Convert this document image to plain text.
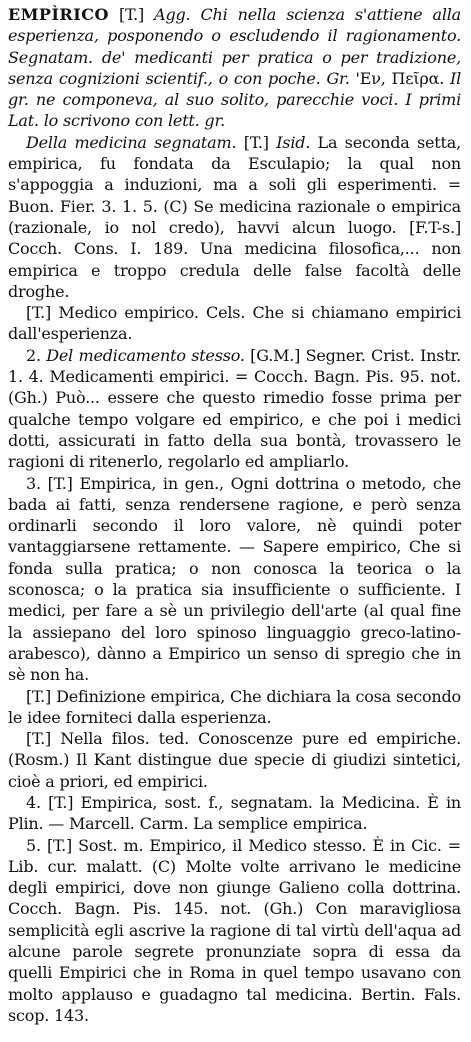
EMPÌRICO [T.] Agg. Chi nella scienza s'attiene alla esperienza, posponendo o escludendo il ragionamento. Segnatam. de' medicanti per pratica o per tradizione, senza cognizioni scientif., o con poche. Gr. 'Eν, Πεῖρα. Il gr. ne componeva, al suo solito, parecchie voci. I primi Lat. lo scrivono con lett. gr.

Della medicina segnatam. [T.] Isid. La seconda setta, empirica, fu fondata da Esculapio; la qual non s'appoggia a induzioni, ma a soli gli esperimenti. = Buon. Fier. 3. 1. 5. (C) Se medicina razionale o empirica (razionale, io nol credo), havvi alcun luogo. [F.T-s.] Cocch. Cons. I. 189. Una medicina filosofica,... non empirica e troppo credula delle false facoltà delle droghe.

[T.] Medico empirico. Cels. Che si chiamano empirici dall'esperienza.

2. Del medicamento stesso. [G.M.] Segner. Crist. Instr. 1. 4. Medicamenti empirici. = Cocch. Bagn. Pis. 95. not. (Gh.) Può... essere che questo rimedio fosse prima per qualche tempo volgare ed empirico, e che poi i medici dotti, assicurati in fatto della sua bontà, trovassero le ragioni di ritenerlo, regolarlo ed ampliarlo.

3. [T.] Empirica, in gen., Ogni dottrina o metodo, che bada ai fatti, senza rendersene ragione, e però senza ordinarli secondo il loro valore, nè quindi poter vantaggiarsene rettamente. — Sapere empirico, Che si fonda sulla pratica; o non conosca la teorica o la sconosca; o la pratica sia insufficiente o sufficiente. I medici, per fare a sè un privilegio dell'arte (al qual fine la assiepano del loro spinoso linguaggio greco-latino-arabesco), dànno a Empirico un senso di spregio che in sè non ha.

[T.] Definizione empirica, Che dichiara la cosa secondo le idee forniteci dalla esperienza.

[T.] Nella filos. ted. Conoscenze pure ed empiriche. (Rosm.) Il Kant distingue due specie di giudizi sintetici, cioè a priori, ed empirici.

4. [T.] Empirica, sost. f., segnatam. la Medicina. È in Plin. — Marcell. Carm. La semplice empirica.

5. [T.] Sost. m. Empirico, il Medico stesso. È in Cic. = Lib. cur. malatt. (C) Molte volte arrivano le medicine degli empirici, dove non giunge Galieno colla dottrina. Cocch. Bagn. Pis. 145. not. (Gh.) Con maravigliosa semplicità egli ascrive la ragione di tal virtù dell'aqua ad alcune parole segrete pronunziate sopra di essa da quelli Empirici che in Roma in quel tempo usavano con molto applauso e guadagno tal medicina. Bertin. Fals. scop. 143.
